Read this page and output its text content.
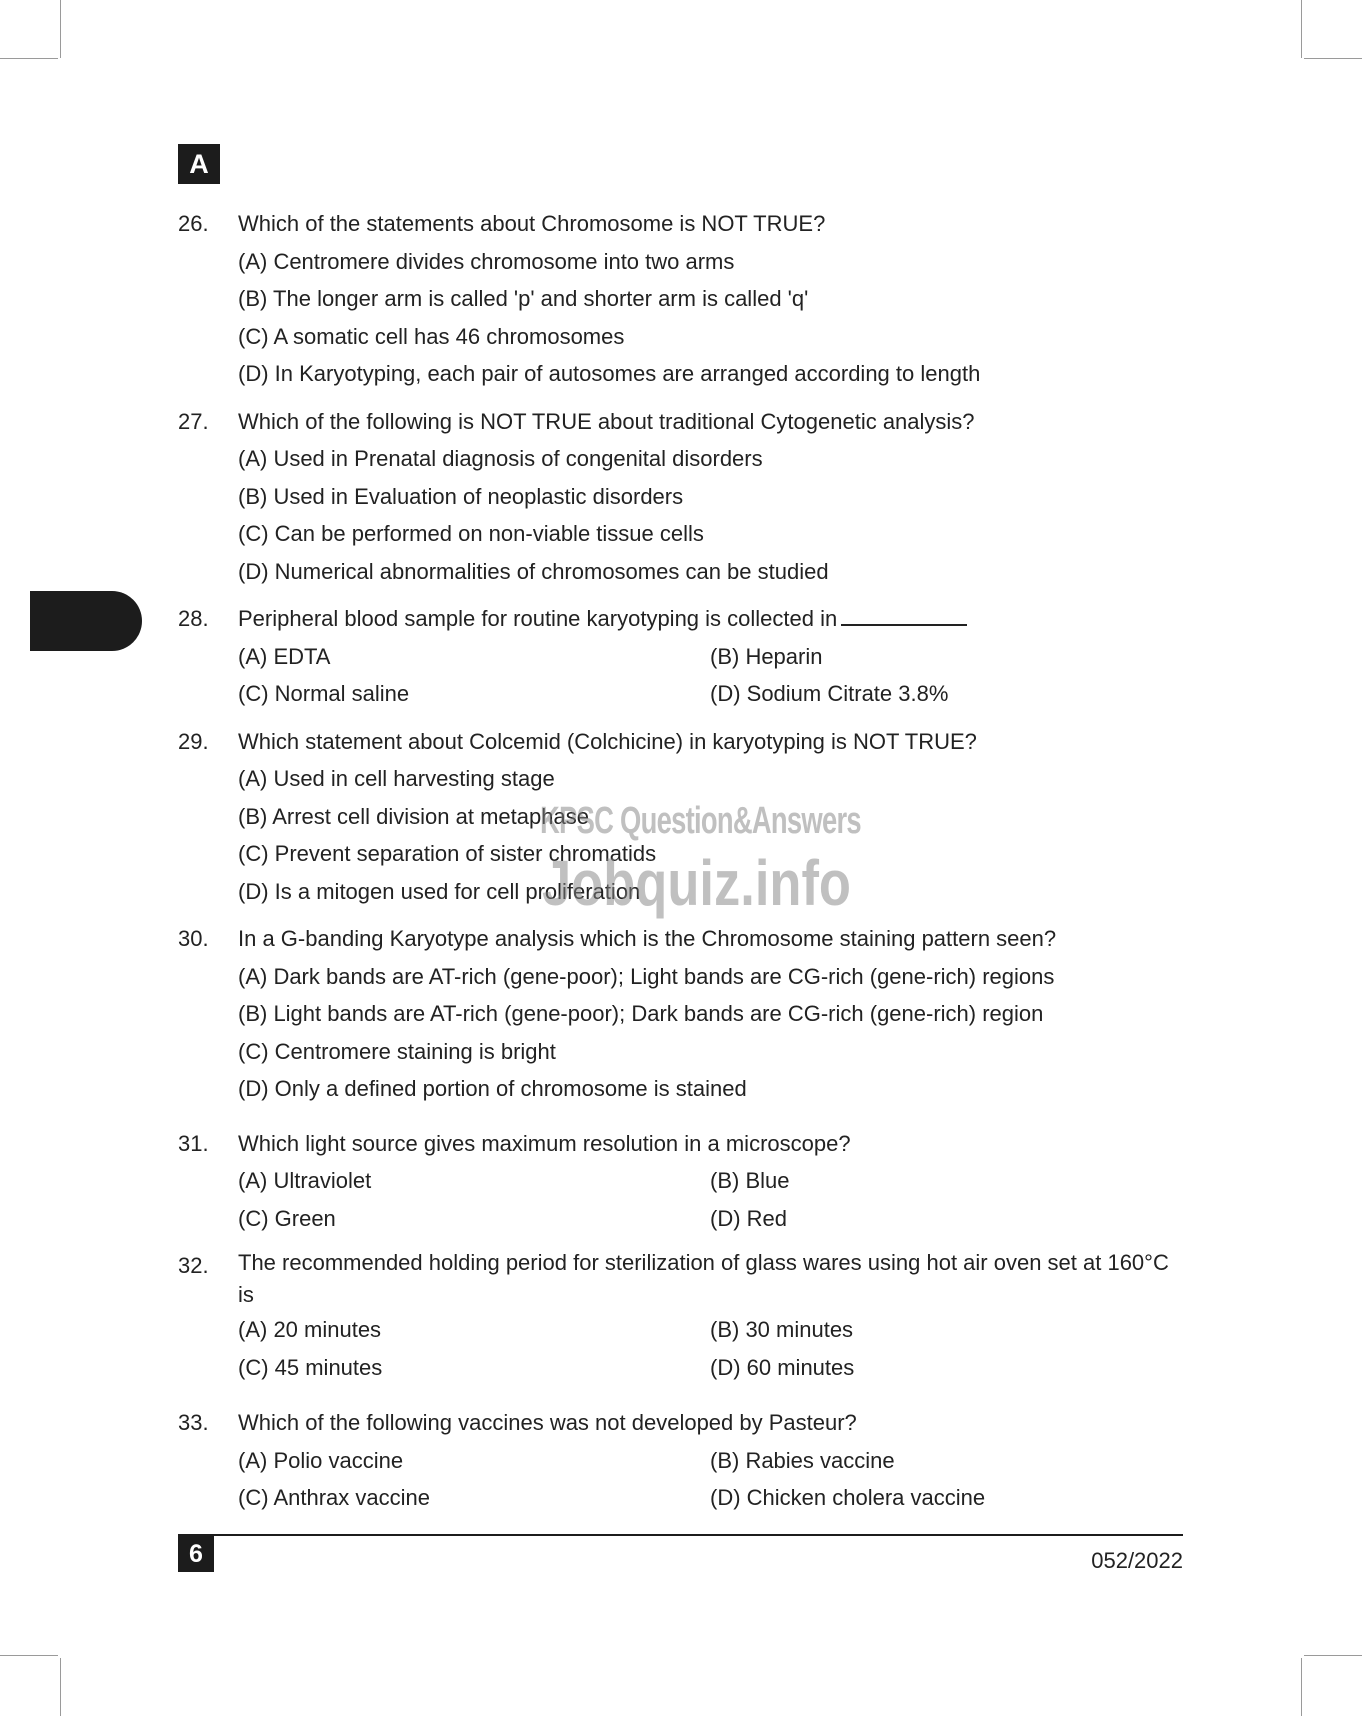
A
26. Which of the statements about Chromosome is NOT TRUE?
(A) Centromere divides chromosome into two arms
(B) The longer arm is called 'p' and shorter arm is called 'q'
(C) A somatic cell has 46 chromosomes
(D) In Karyotyping, each pair of autosomes are arranged according to length
27. Which of the following is NOT TRUE about traditional Cytogenetic analysis?
(A) Used in Prenatal diagnosis of congenital disorders
(B) Used in Evaluation of neoplastic disorders
(C) Can be performed on non-viable tissue cells
(D) Numerical abnormalities of chromosomes can be studied
28. Peripheral blood sample for routine karyotyping is collected in
(A) EDTA	(B) Heparin
(C) Normal saline	(D) Sodium Citrate 3.8%
29. Which statement about Colcemid (Colchicine) in karyotyping is NOT TRUE?
(A) Used in cell harvesting stage
(B) Arrest cell division at metaphase
(C) Prevent separation of sister chromatids
(D) Is a mitogen used for cell proliferation
30. In a G-banding Karyotype analysis which is the Chromosome staining pattern seen?
(A) Dark bands are AT-rich (gene-poor); Light bands are CG-rich (gene-rich) regions
(B) Light bands are AT-rich (gene-poor); Dark bands are CG-rich (gene-rich) region
(C) Centromere staining is bright
(D) Only a defined portion of chromosome is stained
31. Which light source gives maximum resolution in a microscope?
(A) Ultraviolet	(B) Blue
(C) Green	(D) Red
32. The recommended holding period for sterilization of glass wares using hot air oven set at 160°C is
(A) 20 minutes	(B) 30 minutes
(C) 45 minutes	(D) 60 minutes
33. Which of the following vaccines was not developed by Pasteur?
(A) Polio vaccine	(B) Rabies vaccine
(C) Anthrax vaccine	(D) Chicken cholera vaccine
KPSC Question&Answers
Jobquiz.info
6	052/2022
